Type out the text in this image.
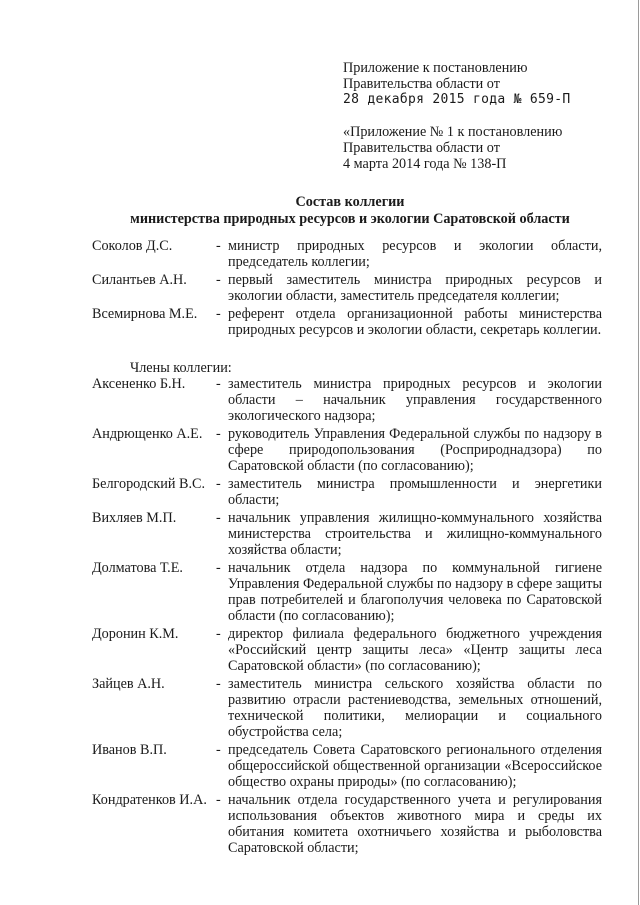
Приложение к постановлению
Правительства области от
28 декабря 2015 года № 659-П
«Приложение № 1 к постановлению
Правительства области от
4 марта 2014 года № 138-П
Состав коллегии
министерства природных ресурсов и экологии Саратовской области
Соколов Д.С.	- министр природных ресурсов и экологии области, председатель коллегии;
Силантьев А.Н.	- первый заместитель министра природных ресурсов и экологии области, заместитель председателя коллегии;
Всемирнова М.Е.	- референт отдела организационной работы министерства природных ресурсов и экологии области, секретарь коллегии.
Члены коллегии:
Аксененко Б.Н.	- заместитель министра природных ресурсов и экологии области – начальник управления государственного экологического надзора;
Андрющенко А.Е. - руководитель Управления Федеральной службы по надзору в сфере природопользования (Росприроднадзора) по Саратовской области (по согласованию);
Белгородский В.С. - заместитель министра промышленности и энергетики области;
Вихляев М.П.	- начальник управления жилищно-коммунального хозяйства министерства строительства и жилищно-коммунального хозяйства области;
Долматова Т.Е.	- начальник отдела надзора по коммунальной гигиене Управления Федеральной службы по надзору в сфере защиты прав потребителей и благополучия человека по Саратовской области (по согласованию);
Доронин К.М.	- директор филиала федерального бюджетного учреждения «Российский центр защиты леса» «Центр защиты леса Саратовской области» (по согласованию);
Зайцев А.Н.	- заместитель министра сельского хозяйства области по развитию отрасли растениеводства, земельных отношений, технической политики, мелиорации и социального обустройства села;
Иванов В.П.	- председатель Совета Саратовского регионального отделения общероссийской общественной организации «Всероссийское общество охраны природы» (по согласованию);
Кондратенков И.А. - начальник отдела государственного учета и регулирования использования объектов животного мира и среды их обитания комитета охотничьего хозяйства и рыболовства Саратовской области;
